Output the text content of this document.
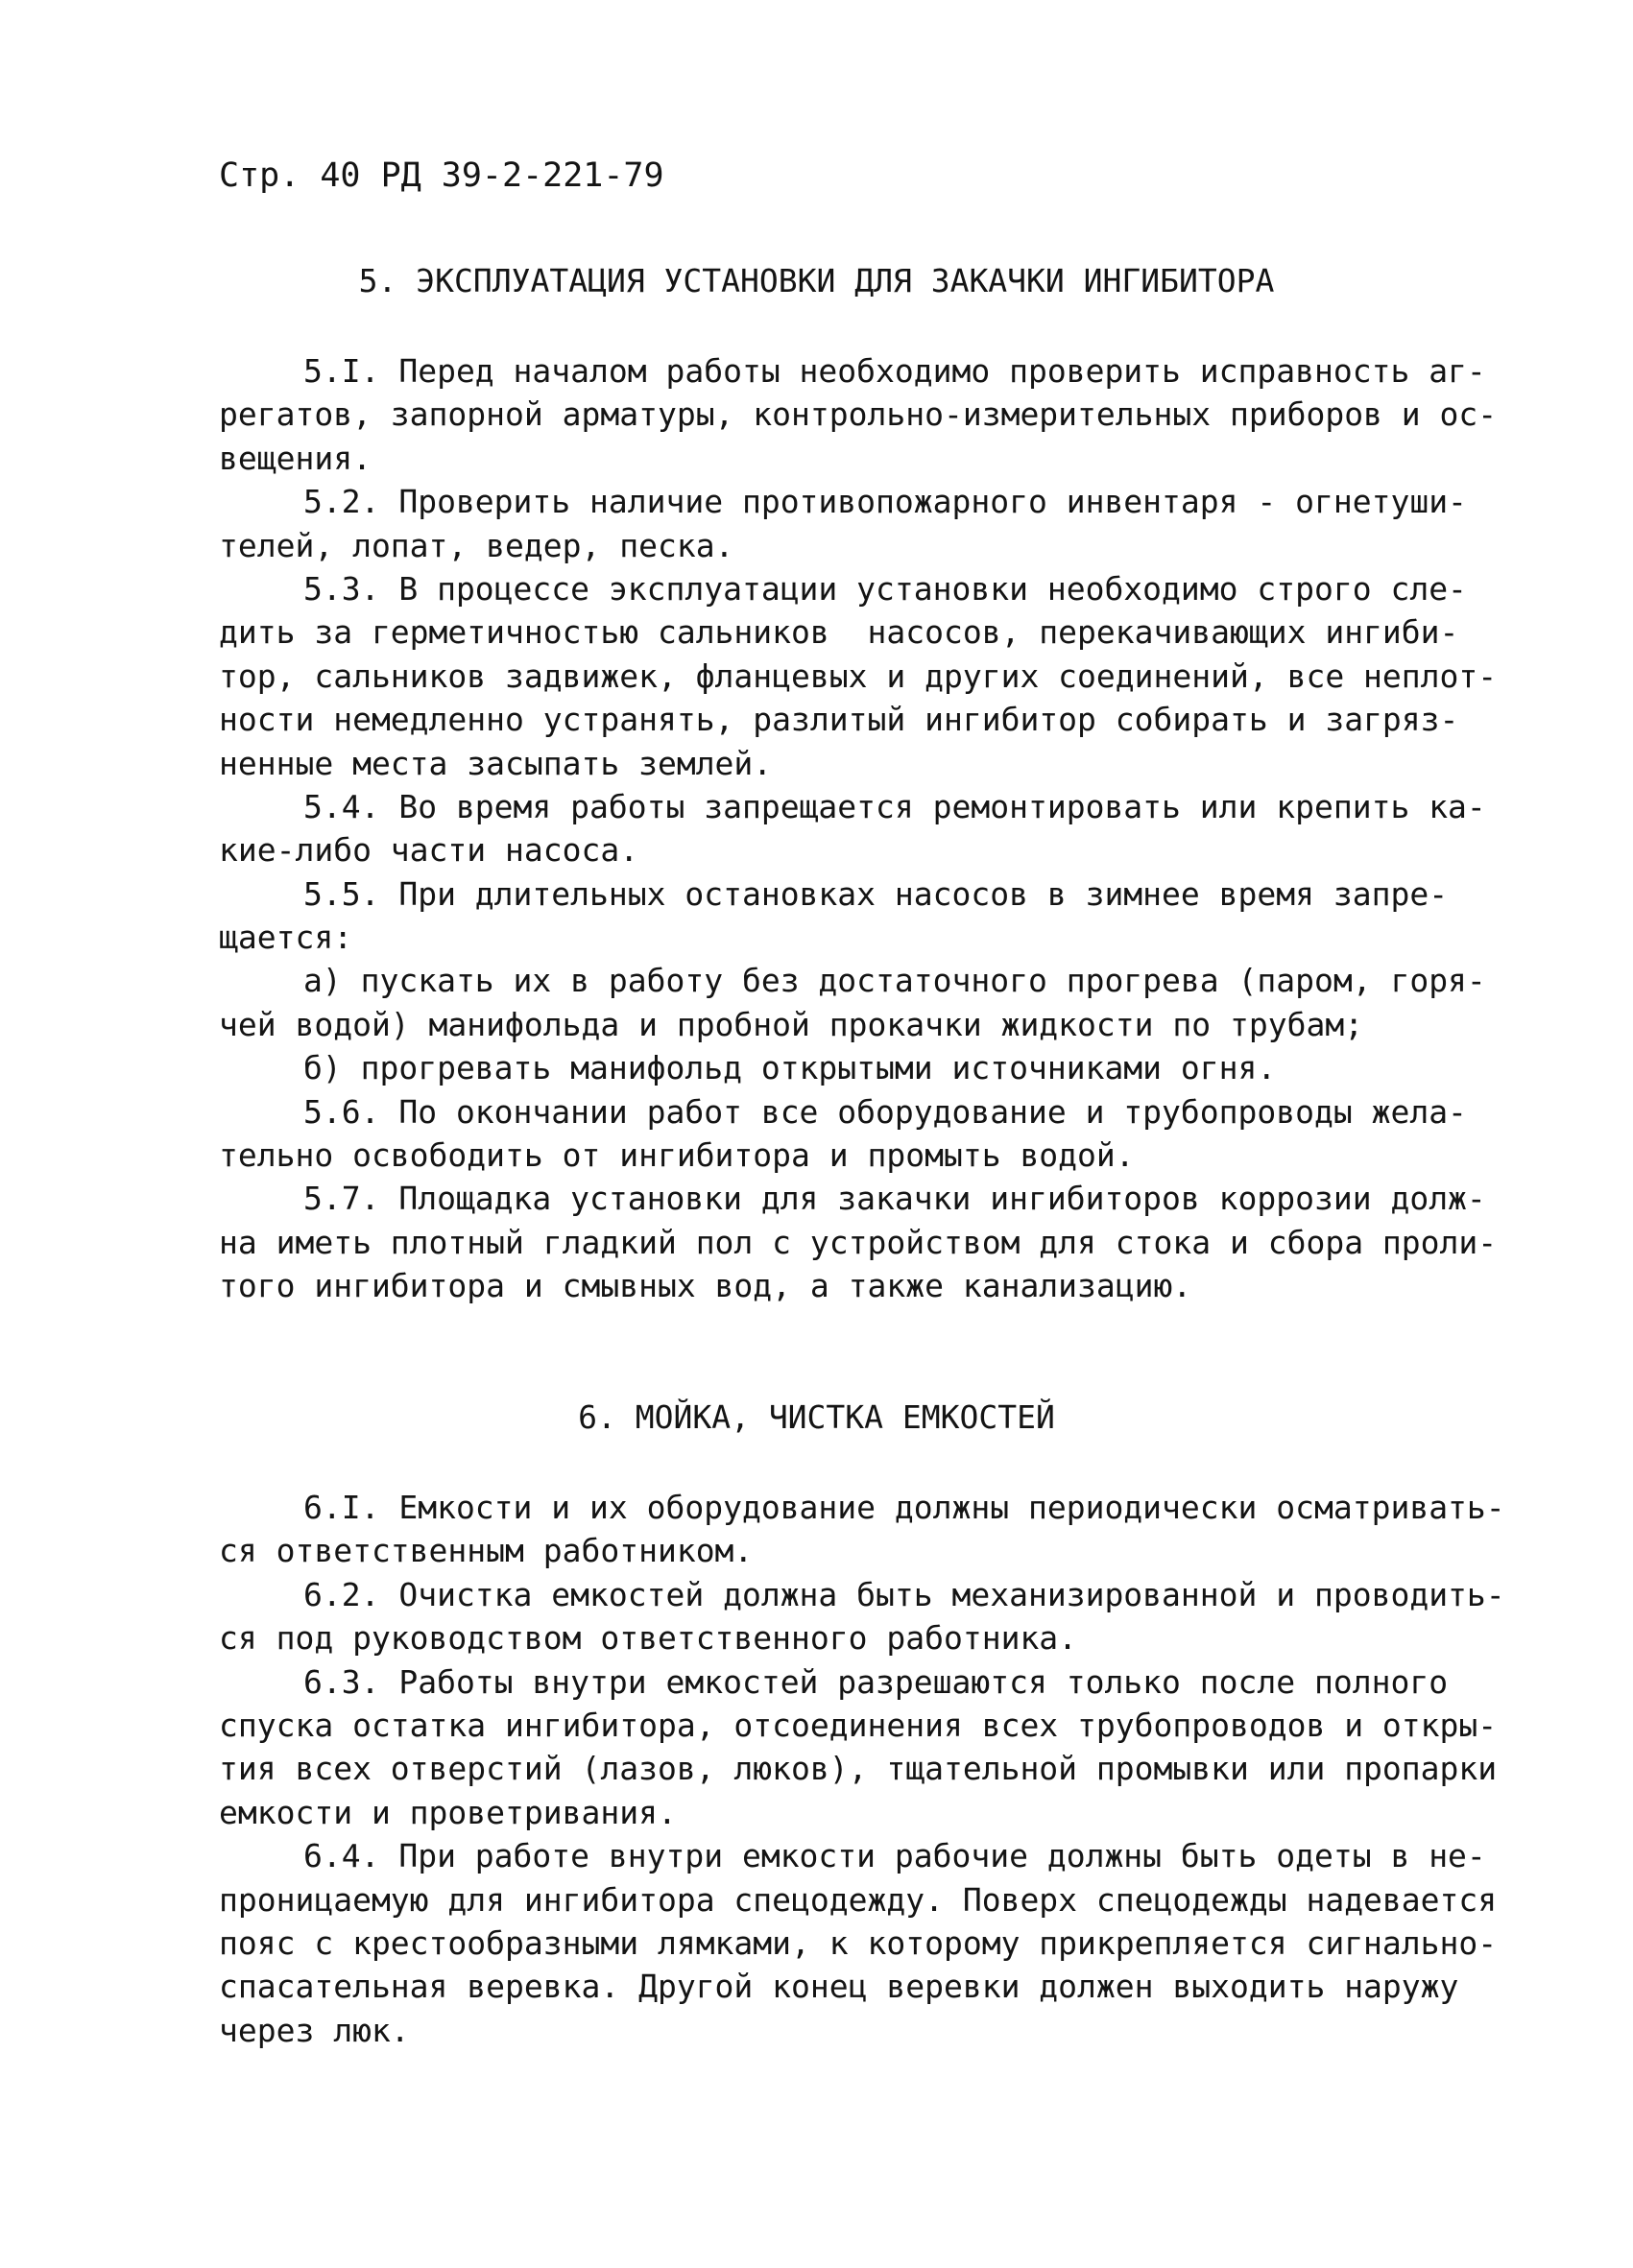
Стр. 40 РД 39-2-221-79
5. ЭКСПЛУАТАЦИЯ УСТАНОВКИ ДЛЯ ЗАКАЧКИ ИНГИБИТОРА
5.I. Перед началом работы необходимо проверить исправность аг-
регатов, запорной арматуры, контрольно-измерительных приборов и ос-
вещения.
5.2. Проверить наличие противопожарного инвентаря - огнетуши-
телей, лопат, ведер, песка.
5.3. В процессе эксплуатации установки необходимо строго сле-
дить за герметичностью сальников  насосов, перекачивающих ингиби-
тор, сальников задвижек, фланцевых и других соединений, все неплот-
ности немедленно устранять, разлитый ингибитор собирать и загряз-
ненные места засыпать землей.
5.4. Во время работы запрещается ремонтировать или крепить ка-
кие-либо части насоса.
5.5. При длительных остановках насосов в зимнее время запре-
щается:
а) пускать их в работу без достаточного прогрева (паром, горя-
чей водой) манифольда и пробной прокачки жидкости по трубам;
б) прогревать манифольд открытыми источниками огня.
5.6. По окончании работ все оборудование и трубопроводы жела-
тельно освободить от ингибитора и промыть водой.
5.7. Площадка установки для закачки ингибиторов коррозии долж-
на иметь плотный гладкий пол с устройством для стока и сбора проли-
того ингибитора и смывных вод, а также канализацию.
6. МОЙКА, ЧИСТКА ЕМКОСТЕЙ
6.I. Емкости и их оборудование должны периодически осматривать-
ся ответственным работником.
6.2. Очистка емкостей должна быть механизированной и проводить-
ся под руководством ответственного работника.
6.3. Работы внутри емкостей разрешаются только после полного
спуска остатка ингибитора, отсоединения всех трубопроводов и откры-
тия всех отверстий (лазов, люков), тщательной промывки или пропарки
емкости и проветривания.
6.4. При работе внутри емкости рабочие должны быть одеты в не-
проницаемую для ингибитора спецодежду. Поверх спецодежды надевается
пояс с крестообразными лямками, к которому прикрепляется сигнально-
спасательная веревка. Другой конец веревки должен выходить наружу
через люк.
